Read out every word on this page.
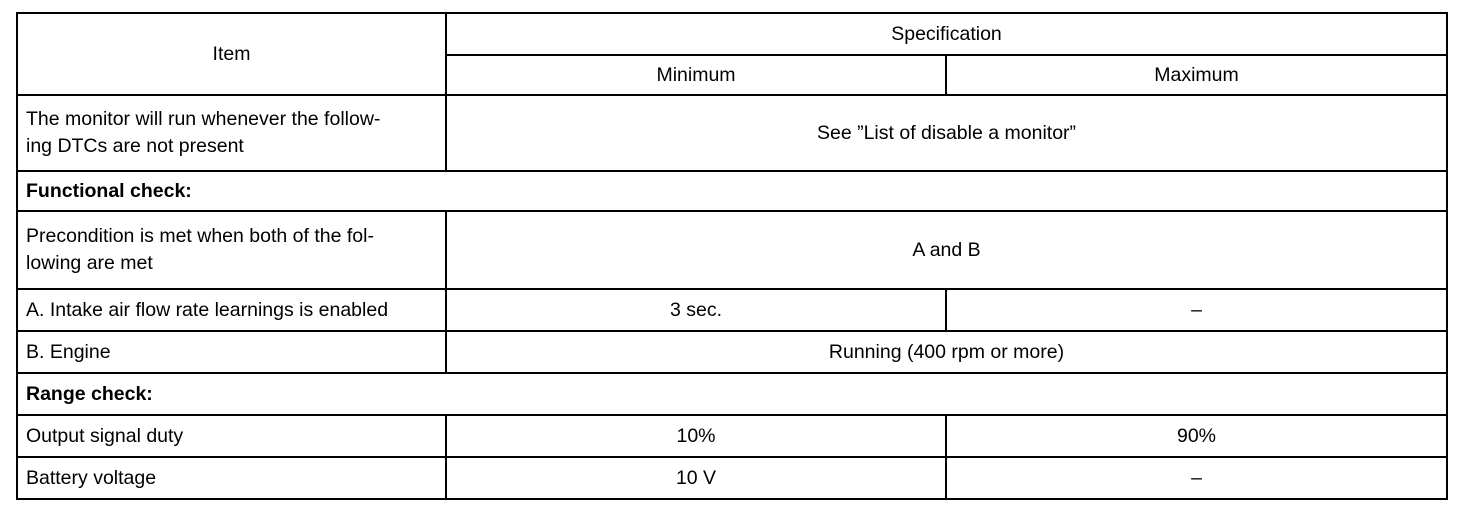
Item	Specification	
	Minimum	Maximum
The monitor will run whenever the follow-
ing DTCs are not present	See ”List of disable a monitor”	
Functional check:		
Precondition is met when both of the fol-
lowing are met	A and B	
A. Intake air flow rate learnings is enabled	3 sec.	–
B. Engine	Running (400 rpm or more)	
Range check:		
Output signal duty	10%	90%
Battery voltage	10 V	–
